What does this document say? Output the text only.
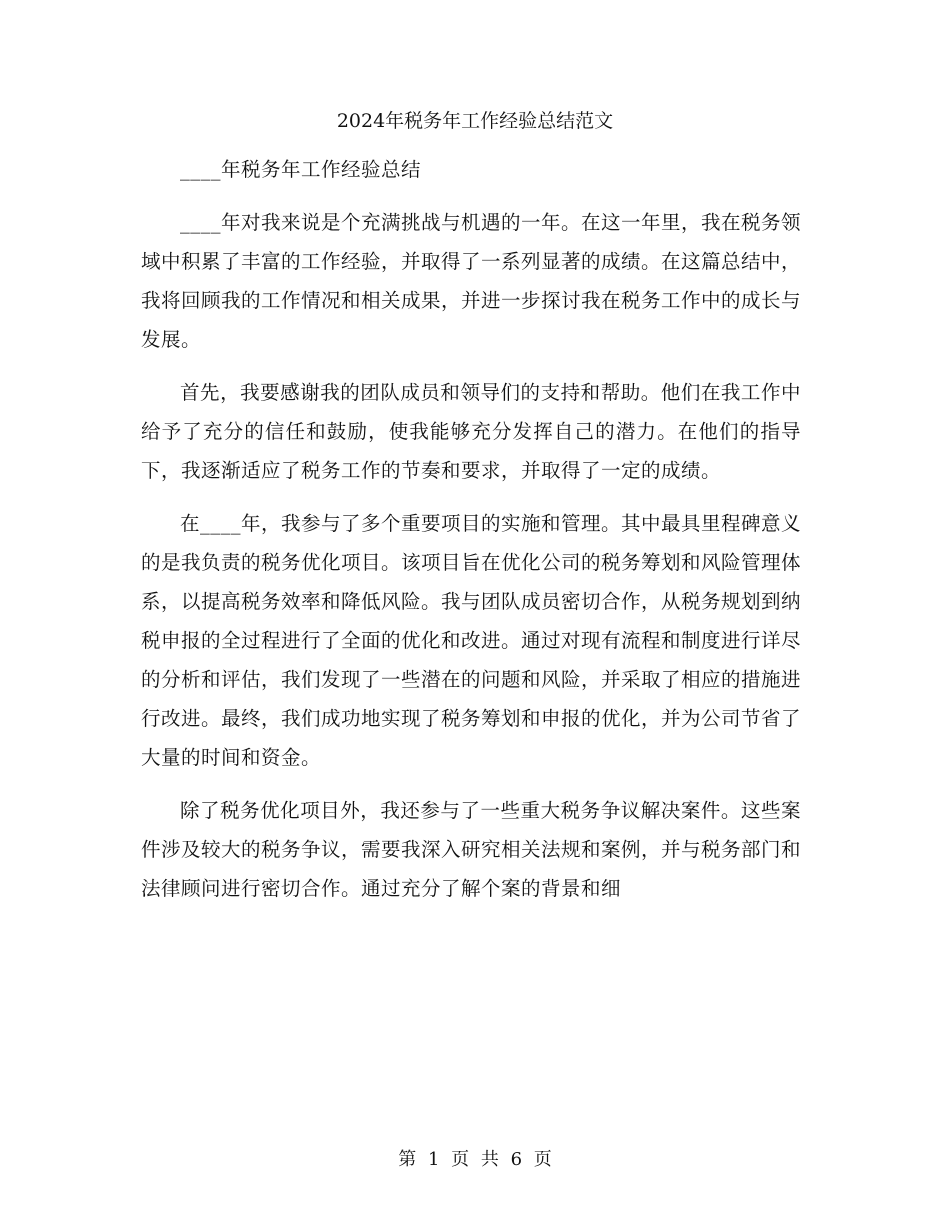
2024年税务年工作经验总结范文

____年税务年工作经验总结

____年对我来说是个充满挑战与机遇的一年。在这一年里，我在税务领域中积累了丰富的工作经验，并取得了一系列显著的成绩。在这篇总结中，我将回顾我的工作情况和相关成果，并进一步探讨我在税务工作中的成长与发展。

首先，我要感谢我的团队成员和领导们的支持和帮助。他们在我工作中给予了充分的信任和鼓励，使我能够充分发挥自己的潜力。在他们的指导下，我逐渐适应了税务工作的节奏和要求，并取得了一定的成绩。

在____年，我参与了多个重要项目的实施和管理。其中最具里程碑意义的是我负责的税务优化项目。该项目旨在优化公司的税务筹划和风险管理体系，以提高税务效率和降低风险。我与团队成员密切合作，从税务规划到纳税申报的全过程进行了全面的优化和改进。通过对现有流程和制度进行详尽的分析和评估，我们发现了一些潜在的问题和风险，并采取了相应的措施进行改进。最终，我们成功地实现了税务筹划和申报的优化，并为公司节省了大量的时间和资金。

除了税务优化项目外，我还参与了一些重大税务争议解决案件。这些案件涉及较大的税务争议，需要我深入研究相关法规和案例，并与税务部门和法律顾问进行密切合作。通过充分了解个案的背景和细

第 1 页 共 6 页
